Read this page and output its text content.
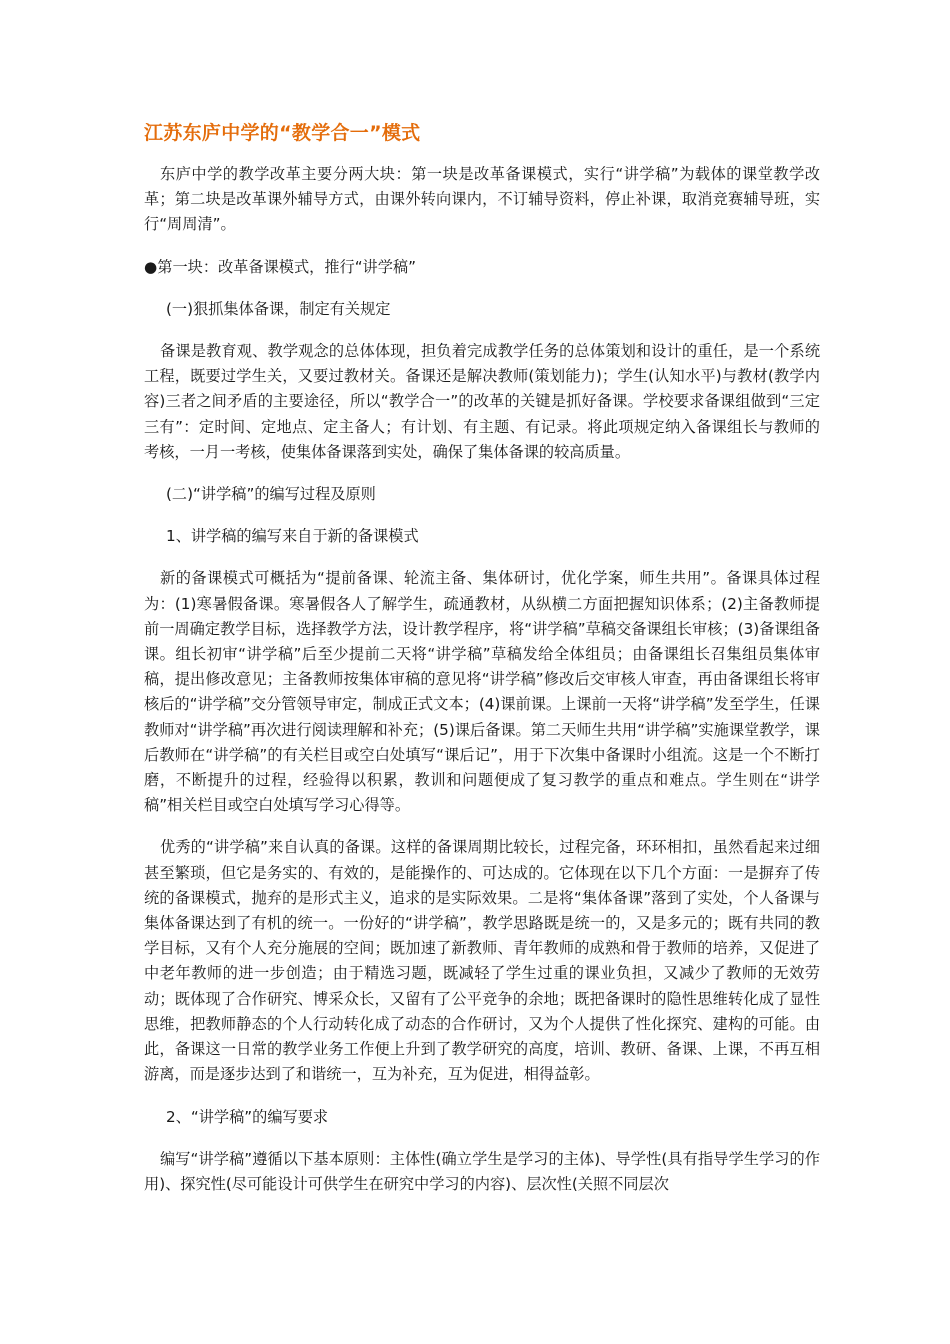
江苏东庐中学的“教学合一”模式

东庐中学的教学改革主要分两大块：第一块是改革备课模式，实行“讲学稿”为载体的课堂教学改革；第二块是改革课外辅导方式，由课外转向课内，不订辅导资料，停止补课，取消竞赛辅导班，实行“周周清”。

●第一块：改革备课模式，推行“讲学稿”

(一)狠抓集体备课，制定有关规定

备课是教育观、教学观念的总体体现，担负着完成教学任务的总体策划和设计的重任，是一个系统工程，既要过学生关，又要过教材关。备课还是解决教师(策划能力)；学生(认知水平)与教材(教学内容)三者之间矛盾的主要途径，所以“教学合一”的改革的关键是抓好备课。学校要求备课组做到“三定三有”：定时间、定地点、定主备人；有计划、有主题、有记录。将此项规定纳入备课组长与教师的考核，一月一考核，使集体备课落到实处，确保了集体备课的较高质量。

(二)“讲学稿”的编写过程及原则

1、讲学稿的编写来自于新的备课模式

新的备课模式可概括为“提前备课、轮流主备、集体研讨，优化学案，师生共用”。备课具体过程为：(1)寒暑假备课。寒暑假各人了解学生，疏通教材，从纵横二方面把握知识体系；(2)主备教师提前一周确定教学目标，选择教学方法，设计教学程序，将“讲学稿”草稿交备课组长审核；(3)备课组备课。组长初审“讲学稿”后至少提前二天将“讲学稿”草稿发给全体组员；由备课组长召集组员集体审稿，提出修改意见；主备教师按集体审稿的意见将“讲学稿”修改后交审核人审查，再由备课组长将审核后的“讲学稿”交分管领导审定，制成正式文本；(4)课前课。上课前一天将“讲学稿”发至学生，任课教师对“讲学稿”再次进行阅读理解和补充；(5)课后备课。第二天师生共用“讲学稿”实施课堂教学，课后教师在“讲学稿”的有关栏目或空白处填写“课后记”，用于下次集中备课时小组流。这是一个不断打磨，不断提升的过程，经验得以积累，教训和问题便成了复习教学的重点和难点。学生则在“讲学稿”相关栏目或空白处填写学习心得等。

优秀的“讲学稿”来自认真的备课。这样的备课周期比较长，过程完备，环环相扣，虽然看起来过细甚至繁琐，但它是务实的、有效的，是能操作的、可达成的。它体现在以下几个方面：一是摒弃了传统的备课模式，抛弃的是形式主义，追求的是实际效果。二是将“集体备课”落到了实处，个人备课与集体备课达到了有机的统一。一份好的“讲学稿”，教学思路既是统一的，又是多元的；既有共同的教学目标，又有个人充分施展的空间；既加速了新教师、青年教师的成熟和骨于教师的培养，又促进了中老年教师的进一步创造；由于精选习题，既减轻了学生过重的课业负担，又减少了教师的无效劳动；既体现了合作研究、博采众长，又留有了公平竞争的余地；既把备课时的隐性思维转化成了显性思维，把教师静态的个人行动转化成了动态的合作研讨，又为个人提供了性化探究、建构的可能。由此，备课这一日常的教学业务工作便上升到了教学研究的高度，培训、教研、备课、上课，不再互相游离，而是逐步达到了和谐统一，互为补充，互为促进，相得益彰。

2、“讲学稿”的编写要求

编写“讲学稿”遵循以下基本原则：主体性(确立学生是学习的主体)、导学性(具有指导学生学习的作用)、探究性(尽可能设计可供学生在研究中学习的内容)、层次性(关照不同层次
